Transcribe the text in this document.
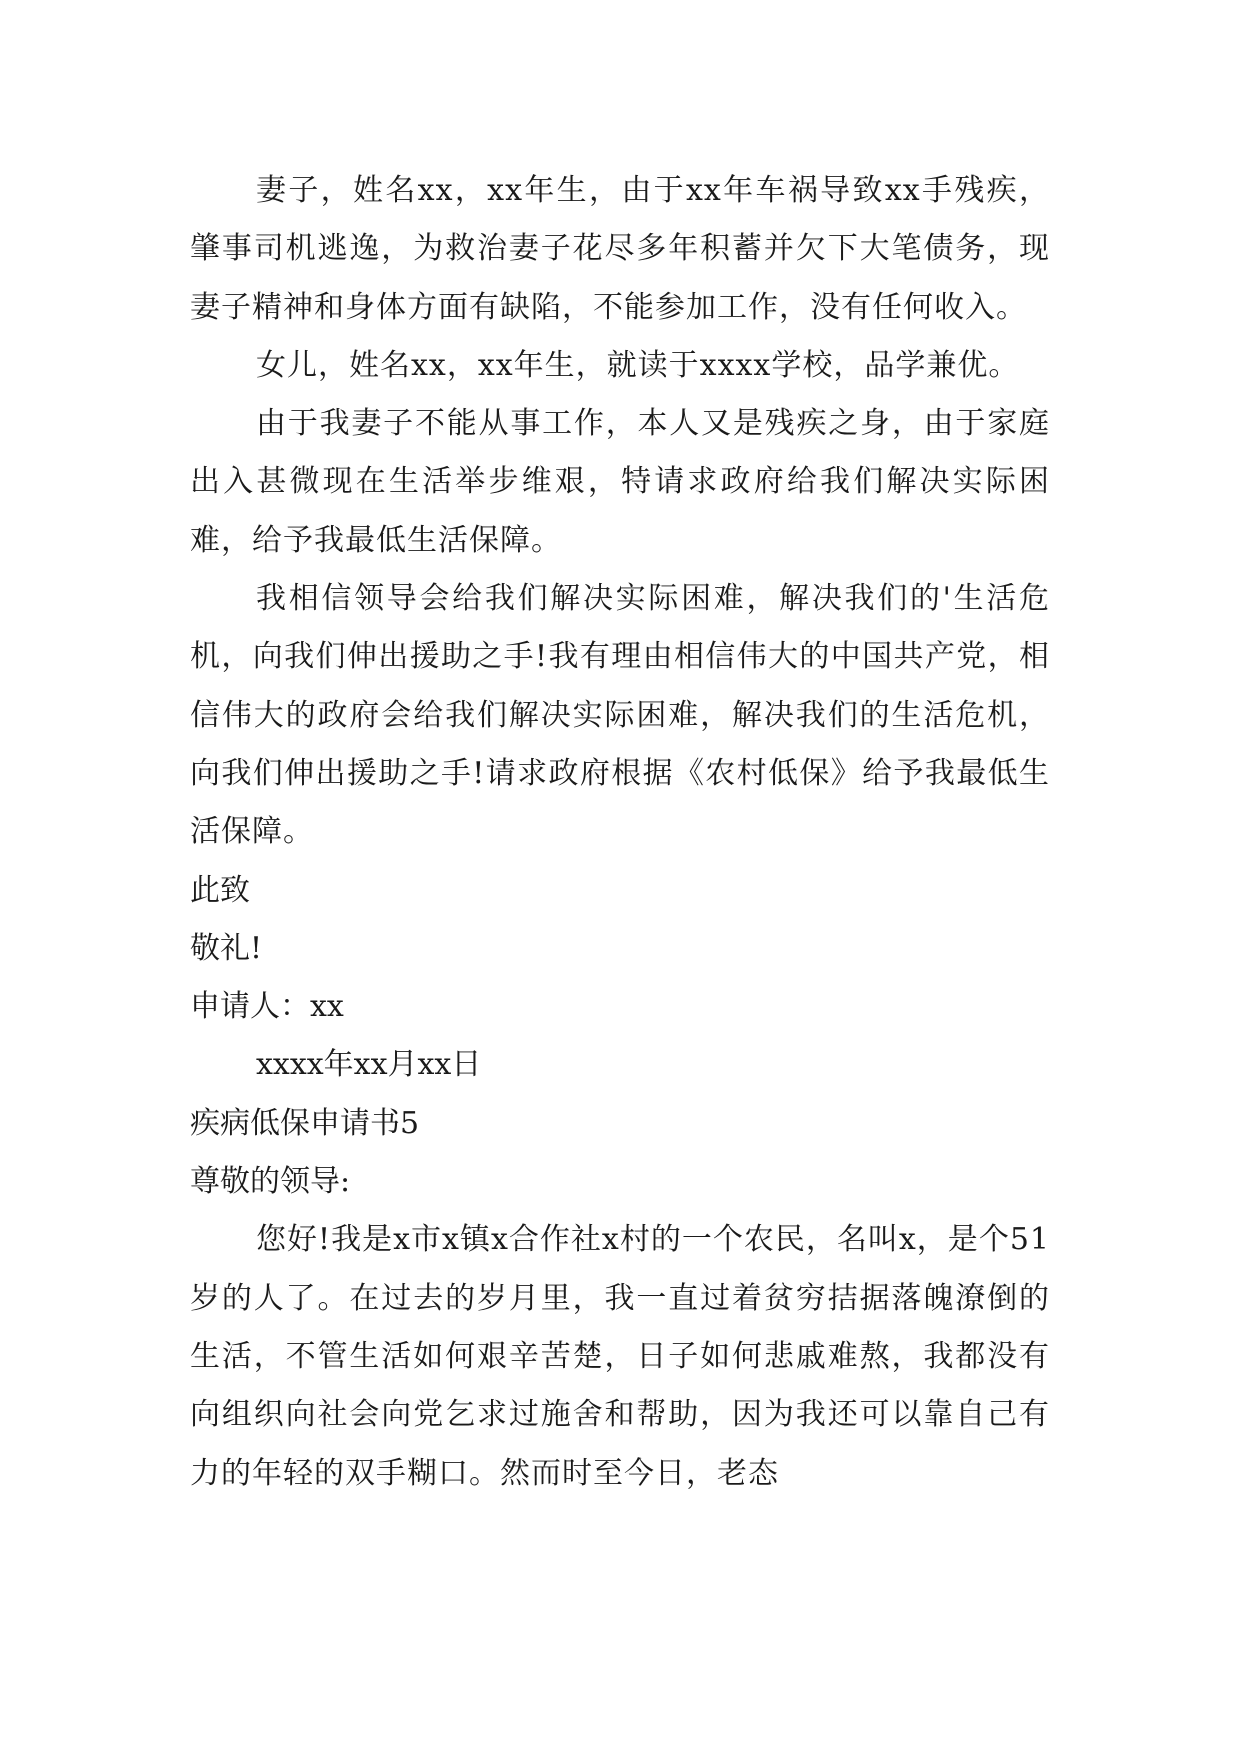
妻子，姓名xx，xx年生，由于xx年车祸导致xx手残疾，肇事司机逃逸，为救治妻子花尽多年积蓄并欠下大笔债务，现妻子精神和身体方面有缺陷，不能参加工作，没有任何收入。

女儿，姓名xx，xx年生，就读于xxxx学校，品学兼优。

由于我妻子不能从事工作，本人又是残疾之身，由于家庭出入甚微现在生活举步维艰，特请求政府给我们解决实际困难，给予我最低生活保障。

我相信领导会给我们解决实际困难，解决我们的'生活危机，向我们伸出援助之手!我有理由相信伟大的中国共产党，相信伟大的政府会给我们解决实际困难，解决我们的生活危机，向我们伸出援助之手!请求政府根据《农村低保》给予我最低生活保障。

此致

敬礼!

申请人：xx

xxxx年xx月xx日

疾病低保申请书5

尊敬的领导:

您好!我是x市x镇x合作社x村的一个农民，名叫x，是个51岁的人了。在过去的岁月里，我一直过着贫穷拮据落魄潦倒的生活，不管生活如何艰辛苦楚，日子如何悲戚难熬，我都没有向组织向社会向党乞求过施舍和帮助，因为我还可以靠自己有力的年轻的双手糊口。然而时至今日，老态
